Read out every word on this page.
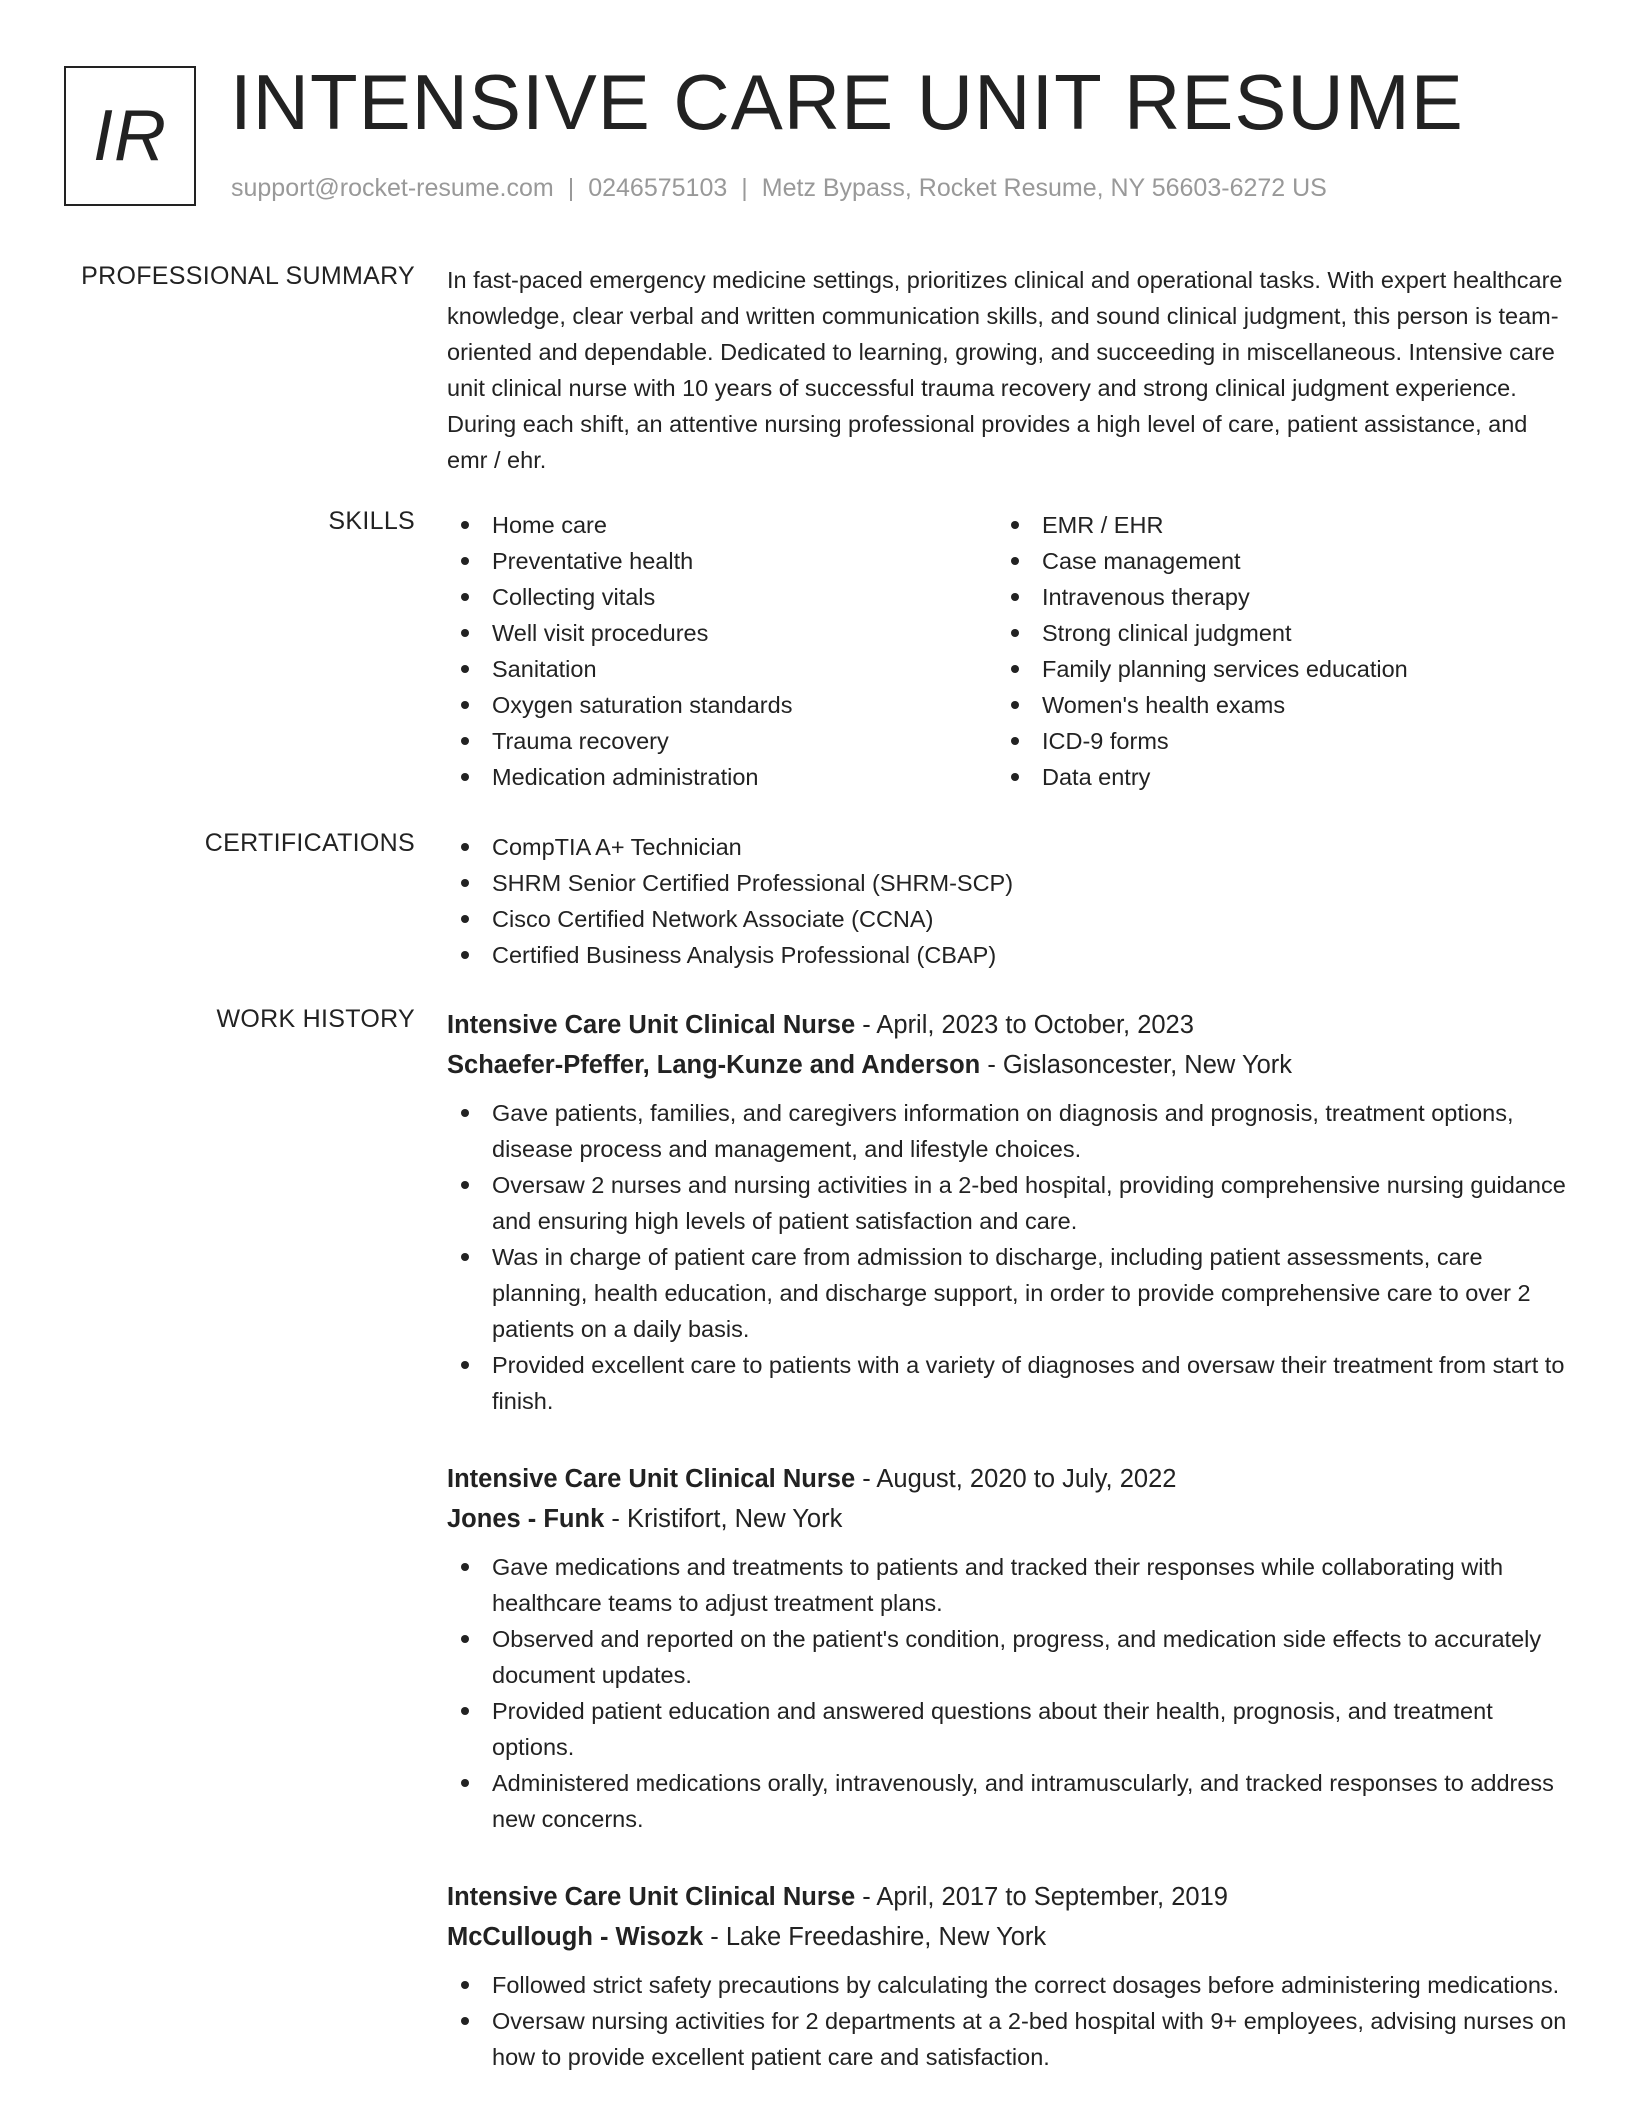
IR INTENSIVE CARE UNIT RESUME
support@rocket-resume.com | 0246575103 | Metz Bypass, Rocket Resume, NY 56603-6272 US
PROFESSIONAL SUMMARY In fast-paced emergency medicine settings, prioritizes clinical and operational tasks. With expert healthcare knowledge, clear verbal and written communication skills, and sound clinical judgment, this person is team-oriented and dependable. Dedicated to learning, growing, and succeeding in miscellaneous. Intensive care unit clinical nurse with 10 years of successful trauma recovery and strong clinical judgment experience. During each shift, an attentive nursing professional provides a high level of care, patient assistance, and emr / ehr.

SKILLS	Home care
Preventative health
Collecting vitals
Well visit procedures
Sanitation
Oxygen saturation standards
Trauma recovery
Medication administration
EMR / EHR
Case management
Intravenous therapy
Strong clinical judgment
Family planning services education
Women's health exams
ICD-9 forms
Data entry
CERTIFICATIONS	CompTIA A+ Technician
SHRM Senior Certified Professional (SHRM-SCP)
Cisco Certified Network Associate (CCNA)
Certified Business Analysis Professional (CBAP)
WORK HISTORY Intensive Care Unit Clinical Nurse - April, 2023 to October, 2023
Schaefer-Pfeffer, Lang-Kunze and Anderson - Gislasoncester, New York
Gave patients, families, and caregivers information on diagnosis and prognosis, treatment options, disease process and management, and lifestyle choices.
Oversaw 2 nurses and nursing activities in a 2-bed hospital, providing comprehensive nursing guidance and ensuring high levels of patient satisfaction and care.
Was in charge of patient care from admission to discharge, including patient assessments, care planning, health education, and discharge support, in order to provide comprehensive care to over 2 patients on a daily basis.
Provided excellent care to patients with a variety of diagnoses and oversaw their treatment from start to finish.
Intensive Care Unit Clinical Nurse - August, 2020 to July, 2022
Jones - Funk - Kristifort, New York
Gave medications and treatments to patients and tracked their responses while collaborating with healthcare teams to adjust treatment plans.
Observed and reported on the patient's condition, progress, and medication side effects to accurately document updates.
Provided patient education and answered questions about their health, prognosis, and treatment options.
Administered medications orally, intravenously, and intramuscularly, and tracked responses to address new concerns.
Intensive Care Unit Clinical Nurse - April, 2017 to September, 2019
McCullough - Wisozk - Lake Freedashire, New York
Followed strict safety precautions by calculating the correct dosages before administering medications.
Oversaw nursing activities for 2 departments at a 2-bed hospital with 9+ employees, advising nurses on how to provide excellent patient care and satisfaction.
